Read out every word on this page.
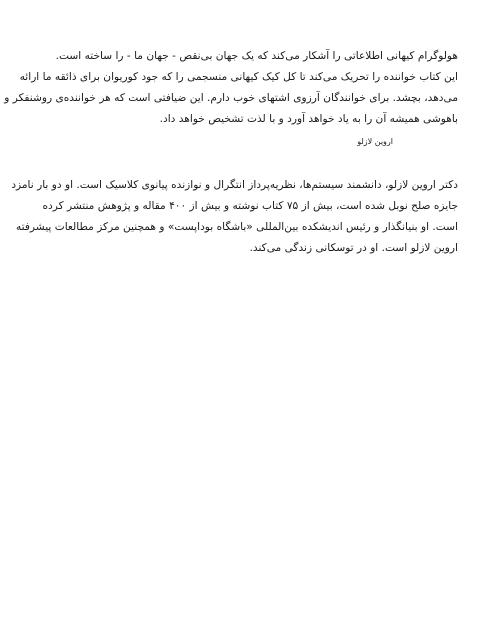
هولوگرام کیهانی اطلاعاتی را آشکار می‌کند که یک جهان بی‌نقص - جهان ما - را ساخته است.
این کتاب خواننده را تحریک می‌کند تا کل کیک کیهانی منسجمی را که جود کوریوان برای ذائقه ما ارائه
می‌دهد، بچشد. برای خوانندگان آرزوی اشتهای خوب دارم. این ضیافتی است که هر خواننده‌ی روشنفکر و
باهوشی همیشه آن را به یاد خواهد آورد و با لذت تشخیص خواهد داد.

اروین لازلو

دکتر اروین لازلو، دانشمند سیستم‌ها، نظریه‌پرداز انتگرال و نوازنده پیانوی کلاسیک است. او دو بار نامزد
جایزه صلح نوبل شده است، بیش از ۷۵ کتاب نوشته و بیش از ۴۰۰ مقاله و پژوهش منتشر کرده
است. او بنیانگذار و رئیس اندیشکده بین‌المللی «باشگاه بوداپست» و همچنین مرکز مطالعات پیشرفته
اروین لازلو است. او در توسکانی زندگی می‌کند.
